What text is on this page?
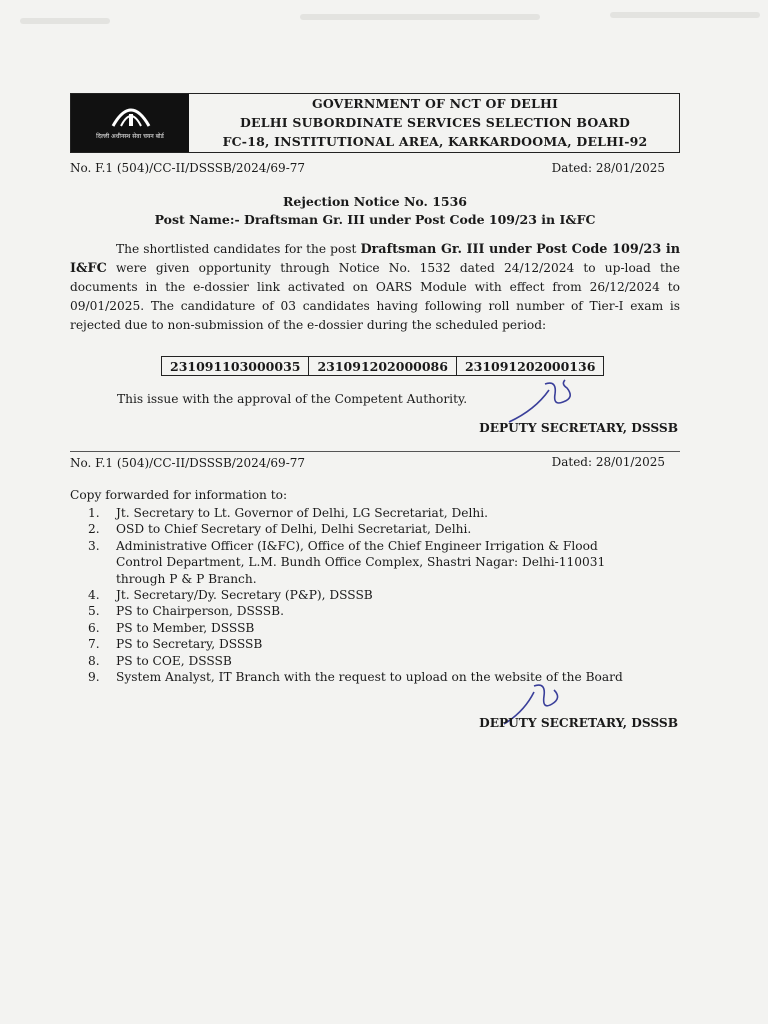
दिल्ली अधीनस्थ सेवा चयन बोर्ड
GOVERNMENT OF NCT OF DELHI
DELHI SUBORDINATE SERVICES SELECTION BOARD
FC-18, INSTITUTIONAL AREA, KARKARDOOMA, DELHI-92
No. F.1 (504)/CC-II/DSSSB/2024/69-77	Dated: 28/01/2025
Rejection Notice No. 1536
Post Name:- Draftsman Gr. III under Post Code 109/23 in I&FC
The shortlisted candidates for the post Draftsman Gr. III under Post Code 109/23 in I&FC were given opportunity through Notice No. 1532 dated 24/12/2024 to up-load the documents in the e-dossier link activated on OARS Module with effect from 26/12/2024 to 09/01/2025. The candidature of 03 candidates having following roll number of Tier-I exam is rejected due to non-submission of the e-dossier during the scheduled period:
231091103000035	231091202000086	231091202000136
This issue with the approval of the Competent Authority.
DEPUTY SECRETARY, DSSSB
No. F.1 (504)/CC-II/DSSSB/2024/69-77	Dated: 28/01/2025
Copy forwarded for information to:
1.	Jt. Secretary to Lt. Governor of Delhi, LG Secretariat, Delhi.
2.	OSD to Chief Secretary of Delhi, Delhi Secretariat, Delhi.
3.	Administrative Officer (I&FC), Office of the Chief Engineer Irrigation & Flood Control Department, L.M. Bundh Office Complex, Shastri Nagar: Delhi-110031 through P & P Branch.
4.	Jt. Secretary/Dy. Secretary (P&P), DSSSB
5.	PS to Chairperson, DSSSB.
6.	PS to Member, DSSSB
7.	PS to Secretary, DSSSB
8.	PS to COE, DSSSB
9.	System Analyst, IT Branch with the request to upload on the website of the Board
DEPUTY SECRETARY, DSSSB
